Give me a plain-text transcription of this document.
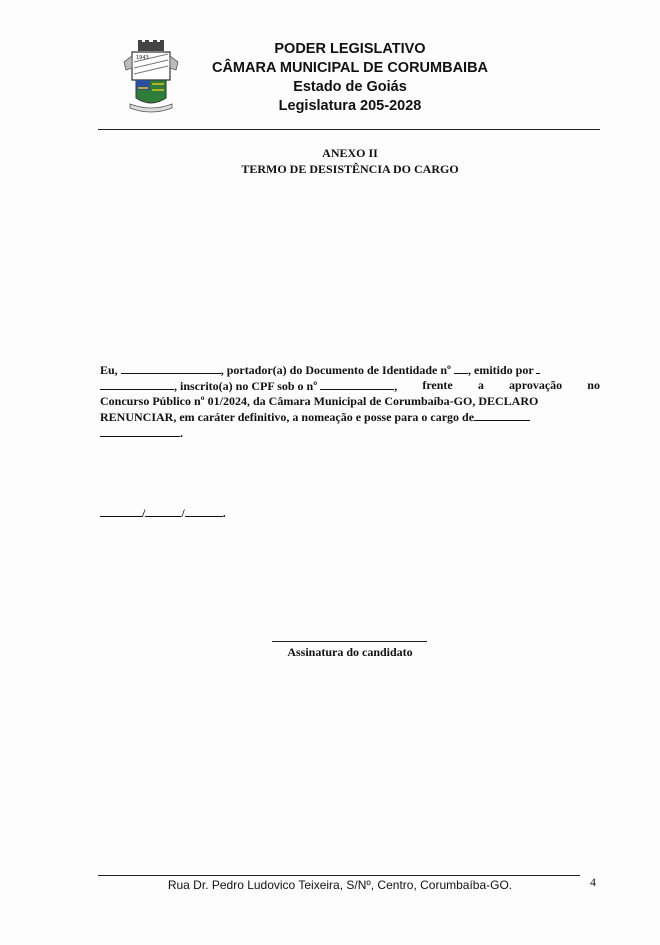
1943
PODER LEGISLATIVO
CÂMARA MUNICIPAL DE CORUMBAIBA
Estado de Goiás
Legislatura 205-2028
ANEXO II
TERMO DE DESISTÊNCIA DO CARGO
Eu,	, portador(a) do Documento de Identidade nº , emitido por
, inscrito(a) no CPF sob o nº	, frente a aprovação no
Concurso Público nº 01/2024, da Câmara Municipal de Corumbaíba-GO, DECLARO
RENUNCIAR, em caráter definitivo, a nomeação e posse para o cargo de
.
/	/	.
Assinatura do candidato
Rua Dr. Pedro Ludovico Teixeira, S/Nº, Centro, Corumbaíba-GO.	4
